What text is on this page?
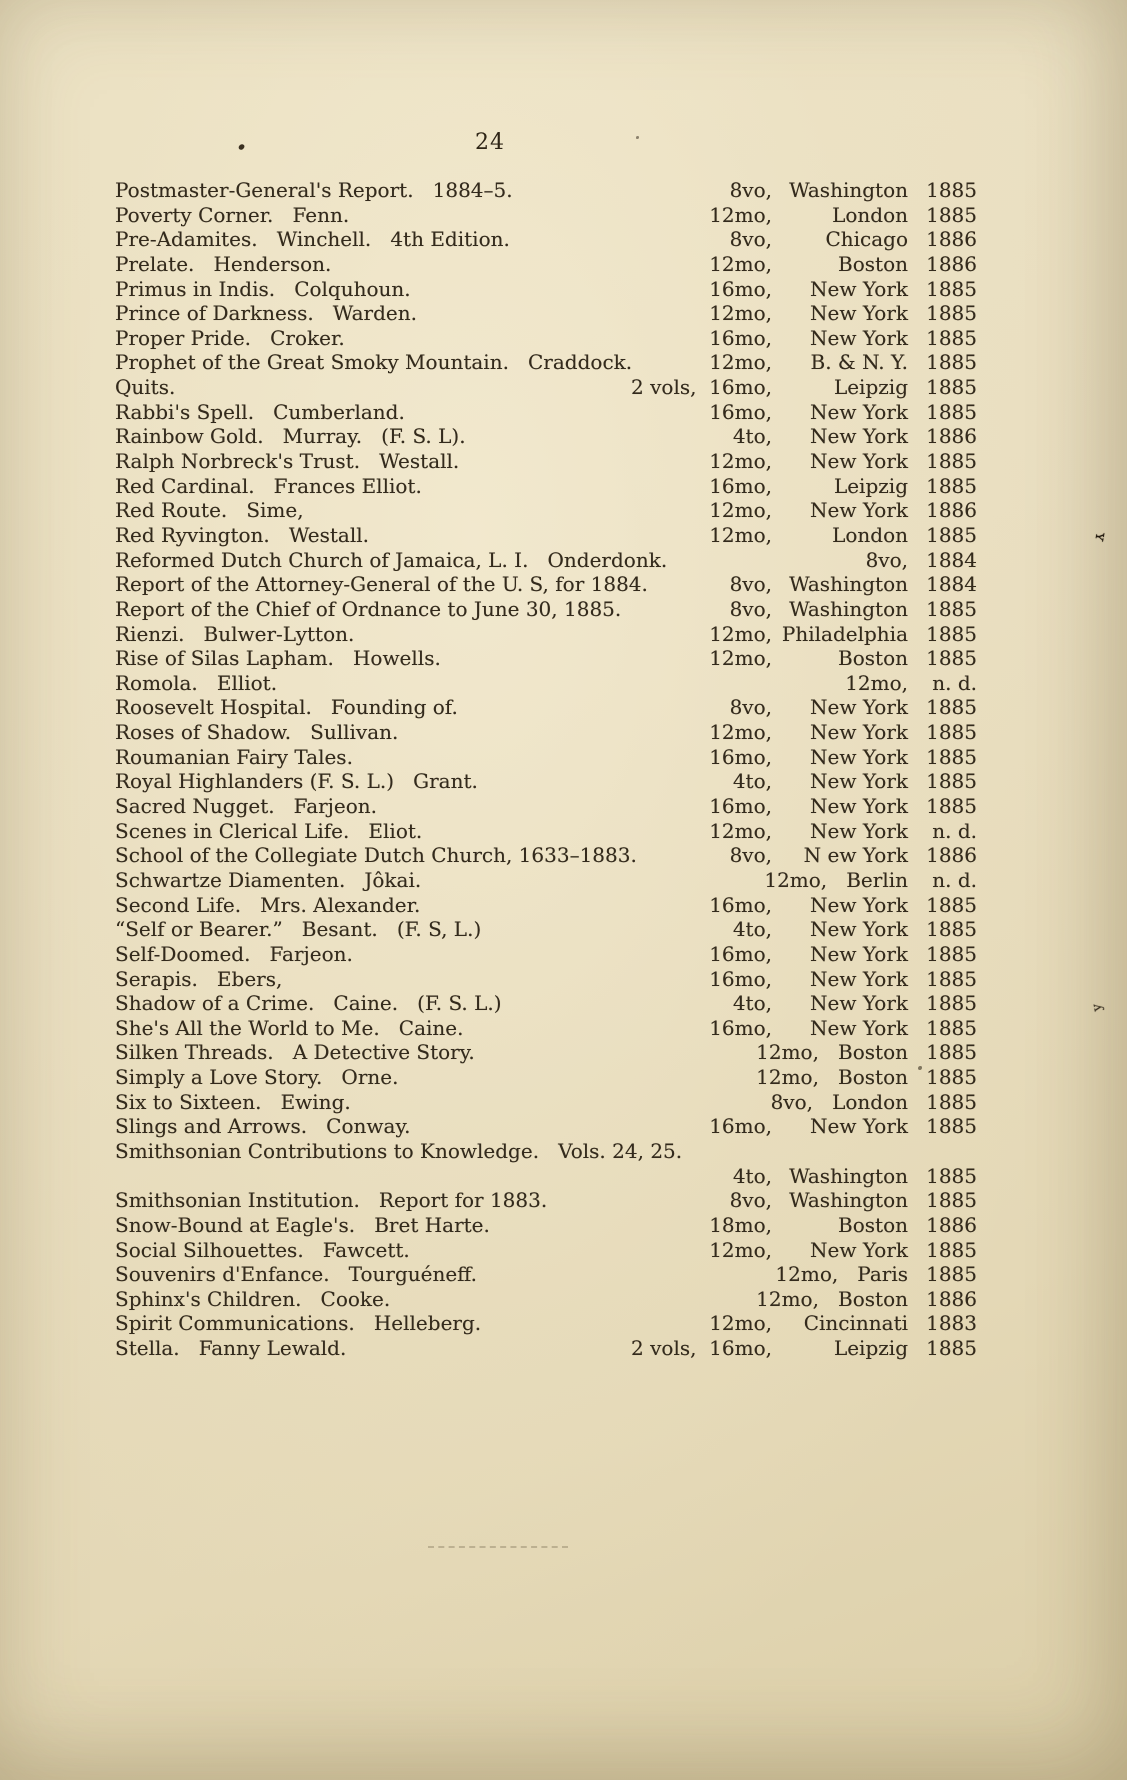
24
Postmaster-General's Report.   1884–5.	8vo, Washington 1885
Poverty Corner.   Fenn.	12mo,	London 1885
Pre-Adamites.   Winchell.   4th Edition.	8vo,	Chicago 1886
Prelate.   Henderson.	12mo,	Boston 1886
Primus in Indis.   Colquhoun.	16mo,	New York 1885
Prince of Darkness.   Warden.	12mo,	New York 1885
Proper Pride.   Croker.	16mo,	New York 1885
Prophet of the Great Smoky Mountain.   Craddock.	12mo,	B. & N. Y. 1885
Quits.	2 vols,  16mo,	Leipzig 1885
Rabbi's Spell.   Cumberland.	16mo,	New York 1885
Rainbow Gold.   Murray.   (F. S. L).	4to,	New York 1886
Ralph Norbreck's Trust.   Westall.	12mo,	New York 1885
Red Cardinal.   Frances Elliot.	16mo,	Leipzig 1885
Red Route.   Sime,	12mo,	New York 1886
Red Ryvington.   Westall.	12mo,	London 1885
Reformed Dutch Church of Jamaica, L. I.   Onderdonk.	8vo, 1884
Report of the Attorney-General of the U. S, for 1884.	8vo, Washington 1884
Report of the Chief of Ordnance to June 30, 1885.	8vo, Washington 1885
Rienzi.   Bulwer-Lytton.	12mo, Philadelphia 1885
Rise of Silas Lapham.   Howells.	12mo,	Boston 1885
Romola.   Elliot.	12mo,	n. d.
Roosevelt Hospital.   Founding of.	8vo,	New York 1885
Roses of Shadow.   Sullivan.	12mo,	New York 1885
Roumanian Fairy Tales.	16mo,	New York 1885
Royal Highlanders (F. S. L.)   Grant.	4to,	New York 1885
Sacred Nugget.   Farjeon.	16mo,	New York 1885
Scenes in Clerical Life.   Eliot.	12mo,	New York	n. d.
School of the Collegiate Dutch Church, 1633–1883.	8vo,	N ew York 1886
Schwartze Diamenten.   Jôkai.	12mo,   Berlin	n. d.
Second Life.   Mrs. Alexander.	16mo,	New York 1885
“Self or Bearer.”   Besant.   (F. S, L.)	4to,	New York 1885
Self-Doomed.   Farjeon.	16mo,	New York 1885
Serapis.   Ebers,	16mo,	New York 1885
Shadow of a Crime.   Caine.   (F. S. L.)	4to,	New York 1885
She's All the World to Me.   Caine.	16mo,	New York 1885
Silken Threads.   A Detective Story.	12mo,   Boston 1885
Simply a Love Story.   Orne.	12mo,   Boston 1885
Six to Sixteen.   Ewing.	8vo,   London 1885
Slings and Arrows.   Conway.	16mo,	New York 1885
Smithsonian Contributions to Knowledge.   Vols. 24, 25.
4to, Washington 1885
Smithsonian Institution.   Report for 1883.	8vo, Washington 1885
Snow-Bound at Eagle's.   Bret Harte.	18mo,	Boston 1886
Social Silhouettes.   Fawcett.	12mo,	New York 1885
Souvenirs d'Enfance.   Tourguéneff.	12mo,   Paris 1885
Sphinx's Children.   Cooke.	12mo,   Boston 1886
Spirit Communications.   Helleberg.	12mo,	Cincinnati 1883
Stella.   Fanny Lewald.	2 vols,  16mo,	Leipzig 1885
ʏ
ʎ
